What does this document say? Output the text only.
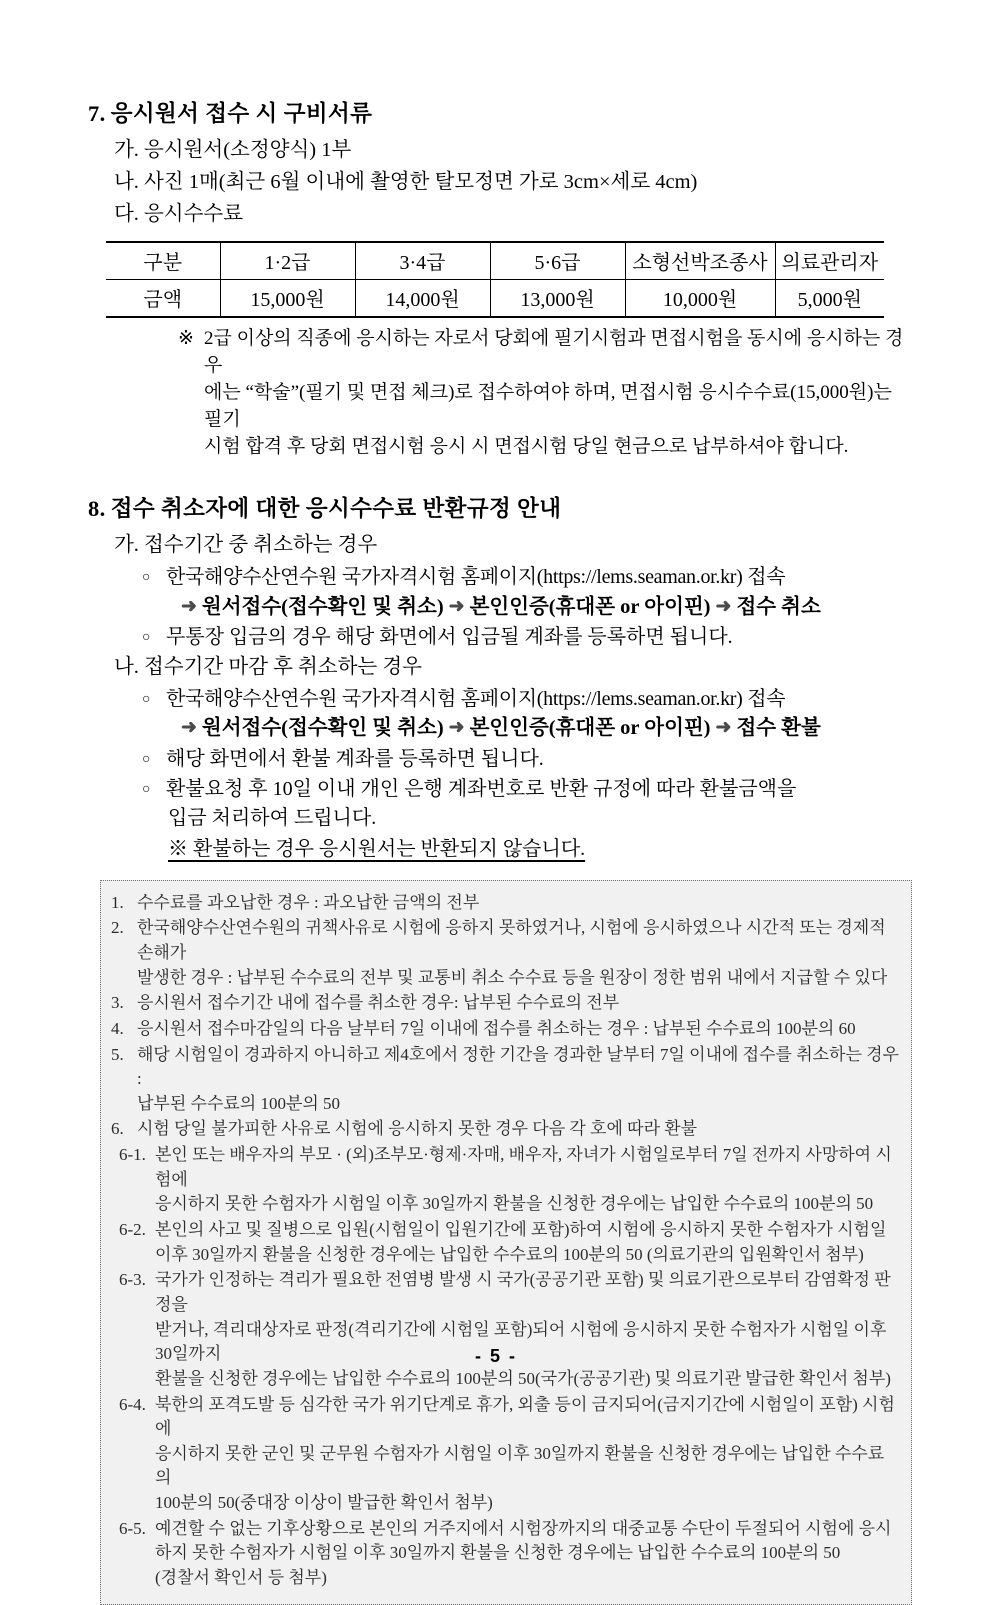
7. 응시원서 접수 시 구비서류

가. 응시원서(소정양식) 1부

나. 사진 1매(최근 6월 이내에 촬영한 탈모정면 가로 3cm×세로 4cm)

다. 응시수수료

구분	1·2급	3·4급	5·6급	소형선박조종사	의료관리자
금액	15,000원	14,000원	13,000원	10,000원	5,000원

※ 2급 이상의 직종에 응시하는 자로서 당회에 필기시험과 면접시험을 동시에 응시하는 경우
에는 “학술”(필기 및 면접 체크)로 접수하여야 하며, 면접시험 응시수수료(15,000원)는 필기
시험 합격 후 당회 면접시험 응시 시 면접시험 당일 현금으로 납부하셔야 합니다.

8. 접수 취소자에 대한 응시수수료 반환규정 안내

가. 접수기간 중 취소하는 경우

○ 한국해양수산연수원 국가자격시험 홈페이지(https://lems.seaman.or.kr) 접속

➜ 원서접수(접수확인 및 취소) ➜ 본인인증(휴대폰 or 아이핀) ➜ 접수 취소

○ 무통장 입금의 경우 해당 화면에서 입금될 계좌를 등록하면 됩니다.

나. 접수기간 마감 후 취소하는 경우

○ 한국해양수산연수원 국가자격시험 홈페이지(https://lems.seaman.or.kr) 접속

➜ 원서접수(접수확인 및 취소) ➜ 본인인증(휴대폰 or 아이핀) ➜ 접수 환불

○ 해당 화면에서 환불 계좌를 등록하면 됩니다.

○ 환불요청 후 10일 이내 개인 은행 계좌번호로 반환 규정에 따라 환불금액을

입금 처리하여 드립니다.

※ 환불하는 경우 응시원서는 반환되지 않습니다.

1. 수수료를 과오납한 경우 : 과오납한 금액의 전부

2. 한국해양수산연수원의 귀책사유로 시험에 응하지 못하였거나, 시험에 응시하였으나 시간적 또는 경제적 손해가
발생한 경우 : 납부된 수수료의 전부 및 교통비 취소 수수료 등을 원장이 정한 범위 내에서 지급할 수 있다

3. 응시원서 접수기간 내에 접수를 취소한 경우: 납부된 수수료의 전부

4. 응시원서 접수마감일의 다음 날부터 7일 이내에 접수를 취소하는 경우 : 납부된 수수료의 100분의 60

5. 해당 시험일이 경과하지 아니하고 제4호에서 정한 기간을 경과한 날부터 7일 이내에 접수를 취소하는 경우 :
납부된 수수료의 100분의 50

6. 시험 당일 불가피한 사유로 시험에 응시하지 못한 경우 다음 각 호에 따라 환불

6-1. 본인 또는 배우자의 부모 · (외)조부모·형제·자매, 배우자, 자녀가 시험일로부터 7일 전까지 사망하여 시험에
응시하지 못한 수험자가 시험일 이후 30일까지 환불을 신청한 경우에는 납입한 수수료의 100분의 50

6-2. 본인의 사고 및 질병으로 입원(시험일이 입원기간에 포함)하여 시험에 응시하지 못한 수험자가 시험일
이후 30일까지 환불을 신청한 경우에는 납입한 수수료의 100분의 50 (의료기관의 입원확인서 첨부)

6-3. 국가가 인정하는 격리가 필요한 전염병 발생 시 국가(공공기관 포함) 및 의료기관으로부터 감염확정 판정을
받거나, 격리대상자로 판정(격리기간에 시험일 포함)되어 시험에 응시하지 못한 수험자가 시험일 이후 30일까지
환불을 신청한 경우에는 납입한 수수료의 100분의 50(국가(공공기관) 및 의료기관 발급한 확인서 첨부)

6-4. 북한의 포격도발 등 심각한 국가 위기단계로 휴가, 외출 등이 금지되어(금지기간에 시험일이 포함) 시험에
응시하지 못한 군인 및 군무원 수험자가 시험일 이후 30일까지 환불을 신청한 경우에는 납입한 수수료의
100분의 50(중대장 이상이 발급한 확인서 첨부)

6-5. 예견할 수 없는 기후상황으로 본인의 거주지에서 시험장까지의 대중교통 수단이 두절되어 시험에 응시
하지 못한 수험자가 시험일 이후 30일까지 환불을 신청한 경우에는 납입한 수수료의 100분의 50
(경찰서 확인서 등 첨부)

- 5 -
